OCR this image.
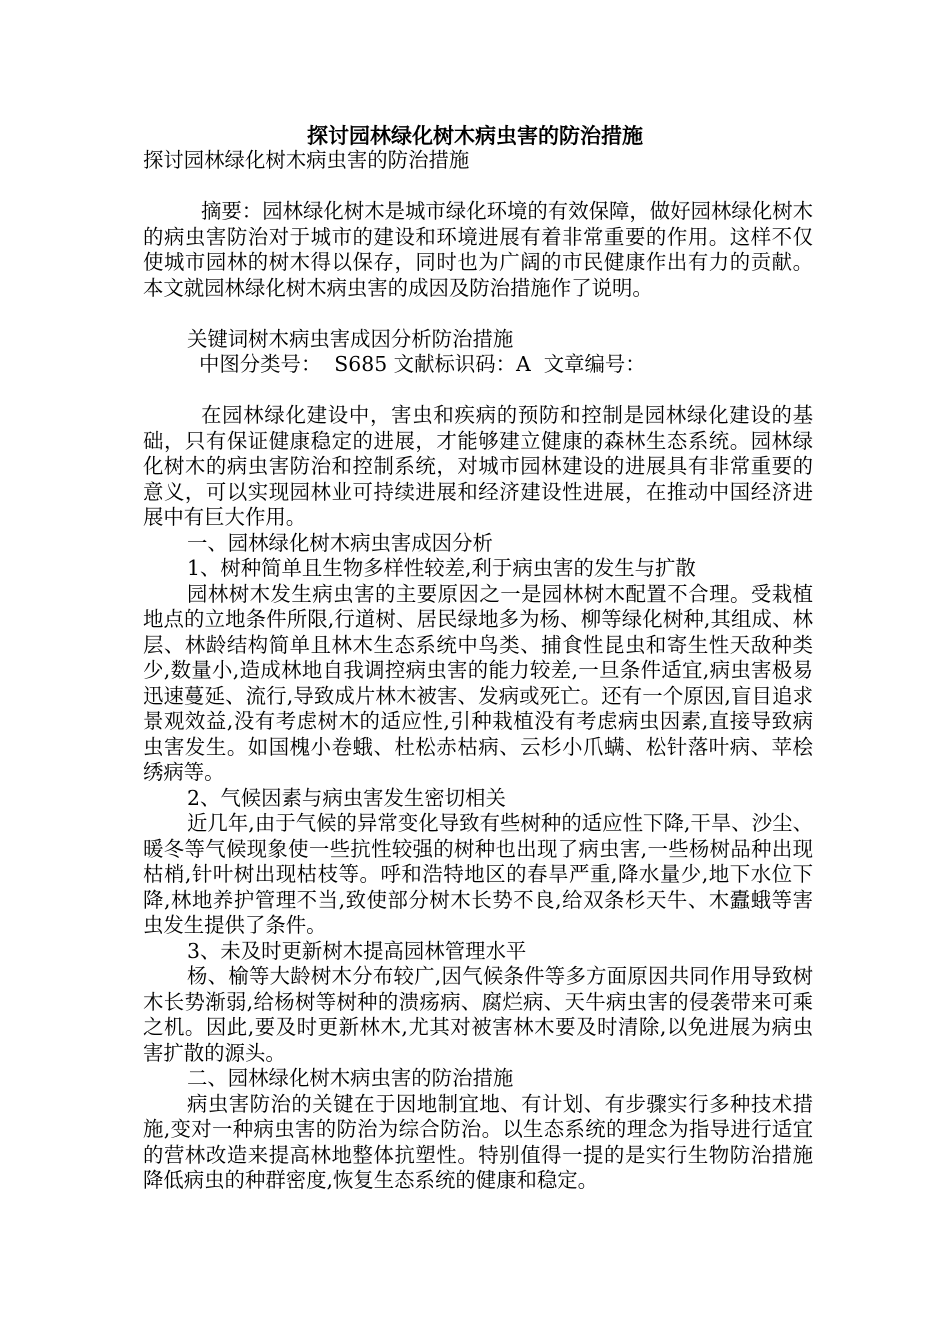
探讨园林绿化树木病虫害的防治措施

探讨园林绿化树木病虫害的防治措施

摘要：园林绿化树木是城市绿化环境的有效保障，做好园林绿化树木的病虫害防治对于城市的建设和环境进展有着非常重要的作用。这样不仅使城市园林的树木得以保存，同时也为广阔的市民健康作出有力的贡献。本文就园林绿化树木病虫害的成因及防治措施作了说明。

关键词树木病虫害成因分析防治措施

中图分类号：  S685 文献标识码：A  文章编号：

在园林绿化建设中，害虫和疾病的预防和控制是园林绿化建设的基础，只有保证健康稳定的进展，才能够建立健康的森林生态系统。园林绿化树木的病虫害防治和控制系统，对城市园林建设的进展具有非常重要的意义，可以实现园林业可持续进展和经济建设性进展，在推动中国经济进展中有巨大作用。

一、园林绿化树木病虫害成因分析

1、树种简单且生物多样性较差,利于病虫害的发生与扩散

园林树木发生病虫害的主要原因之一是园林树木配置不合理。受栽植地点的立地条件所限,行道树、居民绿地多为杨、柳等绿化树种,其组成、林层、林龄结构简单且林木生态系统中鸟类、捕食性昆虫和寄生性天敌种类少,数量小,造成林地自我调控病虫害的能力较差,一旦条件适宜,病虫害极易迅速蔓延、流行,导致成片林木被害、发病或死亡。还有一个原因,盲目追求景观效益,没有考虑树木的适应性,引种栽植没有考虑病虫因素,直接导致病虫害发生。如国槐小卷蛾、杜松赤枯病、云杉小爪螨、松针落叶病、苹桧绣病等。

2、气候因素与病虫害发生密切相关

近几年,由于气候的异常变化导致有些树种的适应性下降,干旱、沙尘、暖冬等气候现象使一些抗性较强的树种也出现了病虫害,一些杨树品种出现枯梢,针叶树出现枯枝等。呼和浩特地区的春旱严重,降水量少,地下水位下降,林地养护管理不当,致使部分树木长势不良,给双条杉天牛、木蠹蛾等害虫发生提供了条件。

3、未及时更新树木提高园林管理水平

杨、榆等大龄树木分布较广,因气候条件等多方面原因共同作用导致树木长势渐弱,给杨树等树种的溃疡病、腐烂病、天牛病虫害的侵袭带来可乘之机。因此,要及时更新林木,尤其对被害林木要及时清除,以免进展为病虫害扩散的源头。

二、园林绿化树木病虫害的防治措施

病虫害防治的关键在于因地制宜地、有计划、有步骤实行多种技术措施,变对一种病虫害的防治为综合防治。以生态系统的理念为指导进行适宜的营林改造来提高林地整体抗塑性。特别值得一提的是实行生物防治措施降低病虫的种群密度,恢复生态系统的健康和稳定。
